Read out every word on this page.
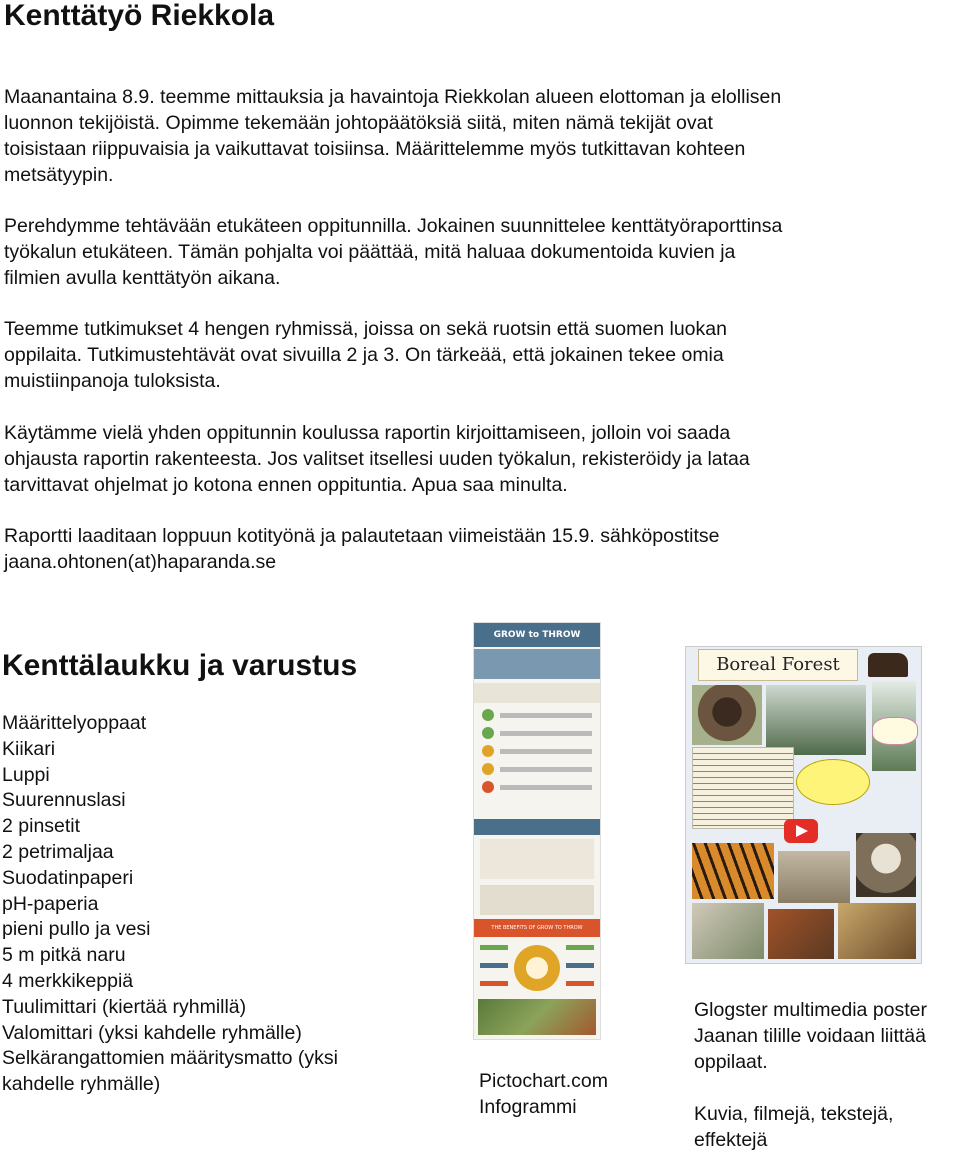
Kenttätyö Riekkola
Maanantaina 8.9. teemme mittauksia ja havaintoja Riekkolan alueen elottoman ja elollisen
luonnon tekijöistä. Opimme tekemään johtopäätöksiä siitä, miten nämä tekijät ovat
toisistaan riippuvaisia ja vaikuttavat toisiinsa. Määrittelemme myös tutkittavan kohteen
metsätyypin.
Perehdymme tehtävään etukäteen oppitunnilla. Jokainen suunnittelee kenttätyöraporttinsa
työkalun etukäteen. Tämän pohjalta voi päättää, mitä haluaa dokumentoida kuvien ja
filmien avulla kenttätyön aikana.
Teemme tutkimukset 4 hengen ryhmissä, joissa on sekä ruotsin että suomen luokan
oppilaita. Tutkimustehtävät ovat sivuilla 2 ja 3. On tärkeää, että jokainen tekee omia
muistiinpanoja tuloksista.
Käytämme vielä yhden oppitunnin koulussa raportin kirjoittamiseen, jolloin voi saada
ohjausta raportin rakenteesta. Jos valitset itsellesi uuden työkalun, rekisteröidy ja lataa
tarvittavat ohjelmat jo kotona ennen oppituntia. Apua saa minulta.
Raportti laaditaan loppuun kotityönä ja palautetaan viimeistään 15.9. sähköpostitse
jaana.ohtonen(at)haparanda.se
Kenttälaukku ja varustus
Määrittelyoppaat
Kiikari
Luppi
Suurennuslasi
2 pinsetit
2 petrimaljaa
Suodatinpaperi
pH-paperia
pieni pullo ja vesi
5 m pitkä naru
4 merkkikeppiä
Tuulimittari (kiertää ryhmillä)
Valomittari (yksi kahdelle ryhmälle)
Selkärangattomien määritysmatto (yksi
kahdelle ryhmälle)
GROW to THROW
THE BENEFITS OF GROW TO THROW
Pictochart.com
Infogrammi
Boreal Forest
Glogster multimedia poster
Jaanan tilille voidaan liittää
oppilaat.
Kuvia, filmejä, tekstejä,
effektejä
